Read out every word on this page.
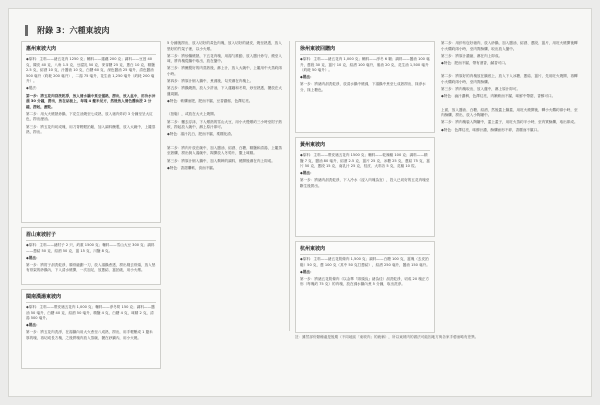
附錄 3：六種東坡肉
惠州東坡大肉

◆原料：主料——豬五花肉 1250 克；輔料——蓮藕 200 克；調料——豆豉 40 克，陳皮 40 克，八角 1.5 克，豆腐乳 50 克，麥芽糖 25 克，蔥白 10 克，精鹽 2.5 克，紹酒 10 克，汁醬油 10 克，白糖 60 克，深色醬油 25 毫升，清色醬油 500 毫升（約耗 200 毫升），二湯 75 毫升，花生油 1,250 毫升（約耗 200 毫升）。

◆製法：

第一步：將五花肉刮洗乾淨，放入清水鍋中煮至僅熟，撈出，放入盆中，用冷水沖漂 30 分鐘，撈出，放在砧板上，每塊 4 釐米見方，然後放入清色醬油浸 2 分鐘，撈起，瀝乾。

第二步：用大火燒熱炒鍋，下花生油燒至七成熟，放入豬肉炸約 3 分鐘至呈大紅色，撈出瀝油。

第三步：將五花肉切成塊，用刀背輕輕拍鬆，加入調料醃製，放入大碗中，上籠蒸熟，撈出。

眉山東坡肘子

◆原料：主料——豬肘子 2 只，約重 1500 克；輔料——雪山大豆 300 克；調料——蔥結 50 克，紹酒 50 克，薑 15 克，川鹽 8 克。

◆製法：

第一步：將肘子刮洗乾淨，順骨縫劃一刀，放入湯鍋煮透，撈出剔去骨頭，放入墊有骨架的砂鍋內，下入清水燒開，一次加足，放蔥結、薑拍破，用小火燉。

閩南漢湯東坡肉

◆原料：主料——帶皮豬五花肉 1,000 克；輔料——淨冬筍 150 克；調料——醬油 50 毫升，白糖 40 克，紹酒 50 毫升，精鹽 4 克，白糖 4 克，味精 2 克，清湯 500 毫升。

◆製法：

第一步：將五花肉洗淨，在湯鍋內用大火煮至八成熟，撈出，用手輕壓成 1 釐米厚的塊，再切成長方塊，之後將塊肉放入蒸碗，擺在砂鍋內，用小火燒。

5 分鐘後撈出，放入切好的黃色肉塊，放入切好的豬皮，燒至熟透，放入墊好的竹架子裡，以小火燉。

第二步：將炒鍋燒熱，下五花肉塊，用湯勺推動，放入醬汁炒勻，燒至入味，將肉塊從鍋中取出，放在盤中。

第三步：將醃製好的肉蒸熟後，淋上汁，放入大碗中，上籠用中火蒸約兩小時。

第四步：將原汁倒入鍋中，煮沸後，勾芡淋在肉塊上。

第五步：將鍋燒熱，放入少許油，下入蓮藕和冬筍，炒至熟透，擺放在大盤周圍。

◆特色：軟爛而肥，肥而不膩，豆香濃郁，色澤紅亮。

（拍鬆），或放在大火上燒開。

第二步：撇去浮沫，下入燉熟的雪山大豆，用小火慢燉約三小時至肘子熟軟，撈起放入碗中，淋上原汁即可。

◆特色：湯汁乳白，肥而不膩，柔糯化渣。

第二步：將肉片放在碗中，加入醬油、紹酒、白糖、精鹽和清湯，上籠蒸至熟爛，撈出倒入湯碗中，揭開放入冬筍片，撒上味精。

第三步：將原汁倒入鍋中，加入剩餘的調料，燒開後淋在肉上即成。

◆特色：香甜爛軟，食而不膩。

徐州東坡回贈肉

◆原料：主料——豬五花肉 1,000 克；輔料——淨冬 6 顆；調料——醬油 100 毫升，蔥段 30 克，薑片 10 克，紹酒 100 毫升，蜜油 20 克，花生油 1,500 毫升（約耗 50 毫升）。

◆製法：

第一步：將豬肉刮洗乾淨，放清水鍋中燒沸，下湯鍋中煮至七成熟撈出，抹淨水分，抹上糖色。

黃州東坡肉

◆原料：主料——帶皮豬五花肉 1500 克；輔料——乾辣椒 100 克；調料——精鹽 7 克，醬油 80 毫升，紹酒 2.5 克，薑片 25 克，冰糖 25 克，蔥結 75 克，薑片 50 克，蔥段 15 克，南乳汁 25 克，桂皮、大料各 5 克，花椒 10 粒。

◆製法：

第一步：將豬肉刮洗乾淨，下入冷水（浸入肉塊為宜），投入已切好的五花肉塊至斷生後撈出。

杭州東坡肉

◆原料：主料——豬五花肋條肉 1,500 克；調料——白糖 100 克，薑塊（去皮拍鬆）50 克，蔥 100 克（其中 50 克打蔥結），紹酒 250 毫升，醬油 150 毫升。

◆製法：

第一步：將豬五花肋條肉（以金華『兩頭烏』豬為佳）刮洗乾淨，切成 20 塊正方形（每塊約 75 克）的肉塊，放在沸水鍋內煮 5 分鐘，取出洗淨。

第二步：用紗布包好豬肉，放入砂鍋，加入醬油、紹酒、蔥段、薑片，用旺火燒開後轉小火燜約兩小時，至肉質酥爛，取出放入盤中。

第三步：將原汁濃縮，淋在肉上即成。

◆特色：肥而不膩，帶有酒香，鹹香可口。

第二步：將原好的肉塊放在鍋底上，放入下入冰糖、蔥結、薑片，先用旺火燒開，再轉小火燜約兩小時，至肉質酥爛。

第三步：將肉塊取出，放入盤中，淋上原汁即可。

◆特色：滷汁濃稠，色澤紅亮，肉嫩軟而不膩，味鮮中帶甜，香醇可口。

上面，放入醬油、白糖、紹酒，然後蓋上鍋蓋，用旺火燒開後，轉小火燜約兩小時，至肉酥爛，撈出，放入小陶罐中。

第二步：將肉塊裝入陶罐中，蓋上蓋子，用旺火蒸約半小時，至肉質酥爛，取出即成。

◆特色：色澤紅亮，味醇汁濃，酥爛而形不碎，香糯而不膩口。

註：雖然部份類種處是後期（不同地區「東坡肉」的統稱），所以東坡肉的做法可能因地方與各家手藝而略有差異。
